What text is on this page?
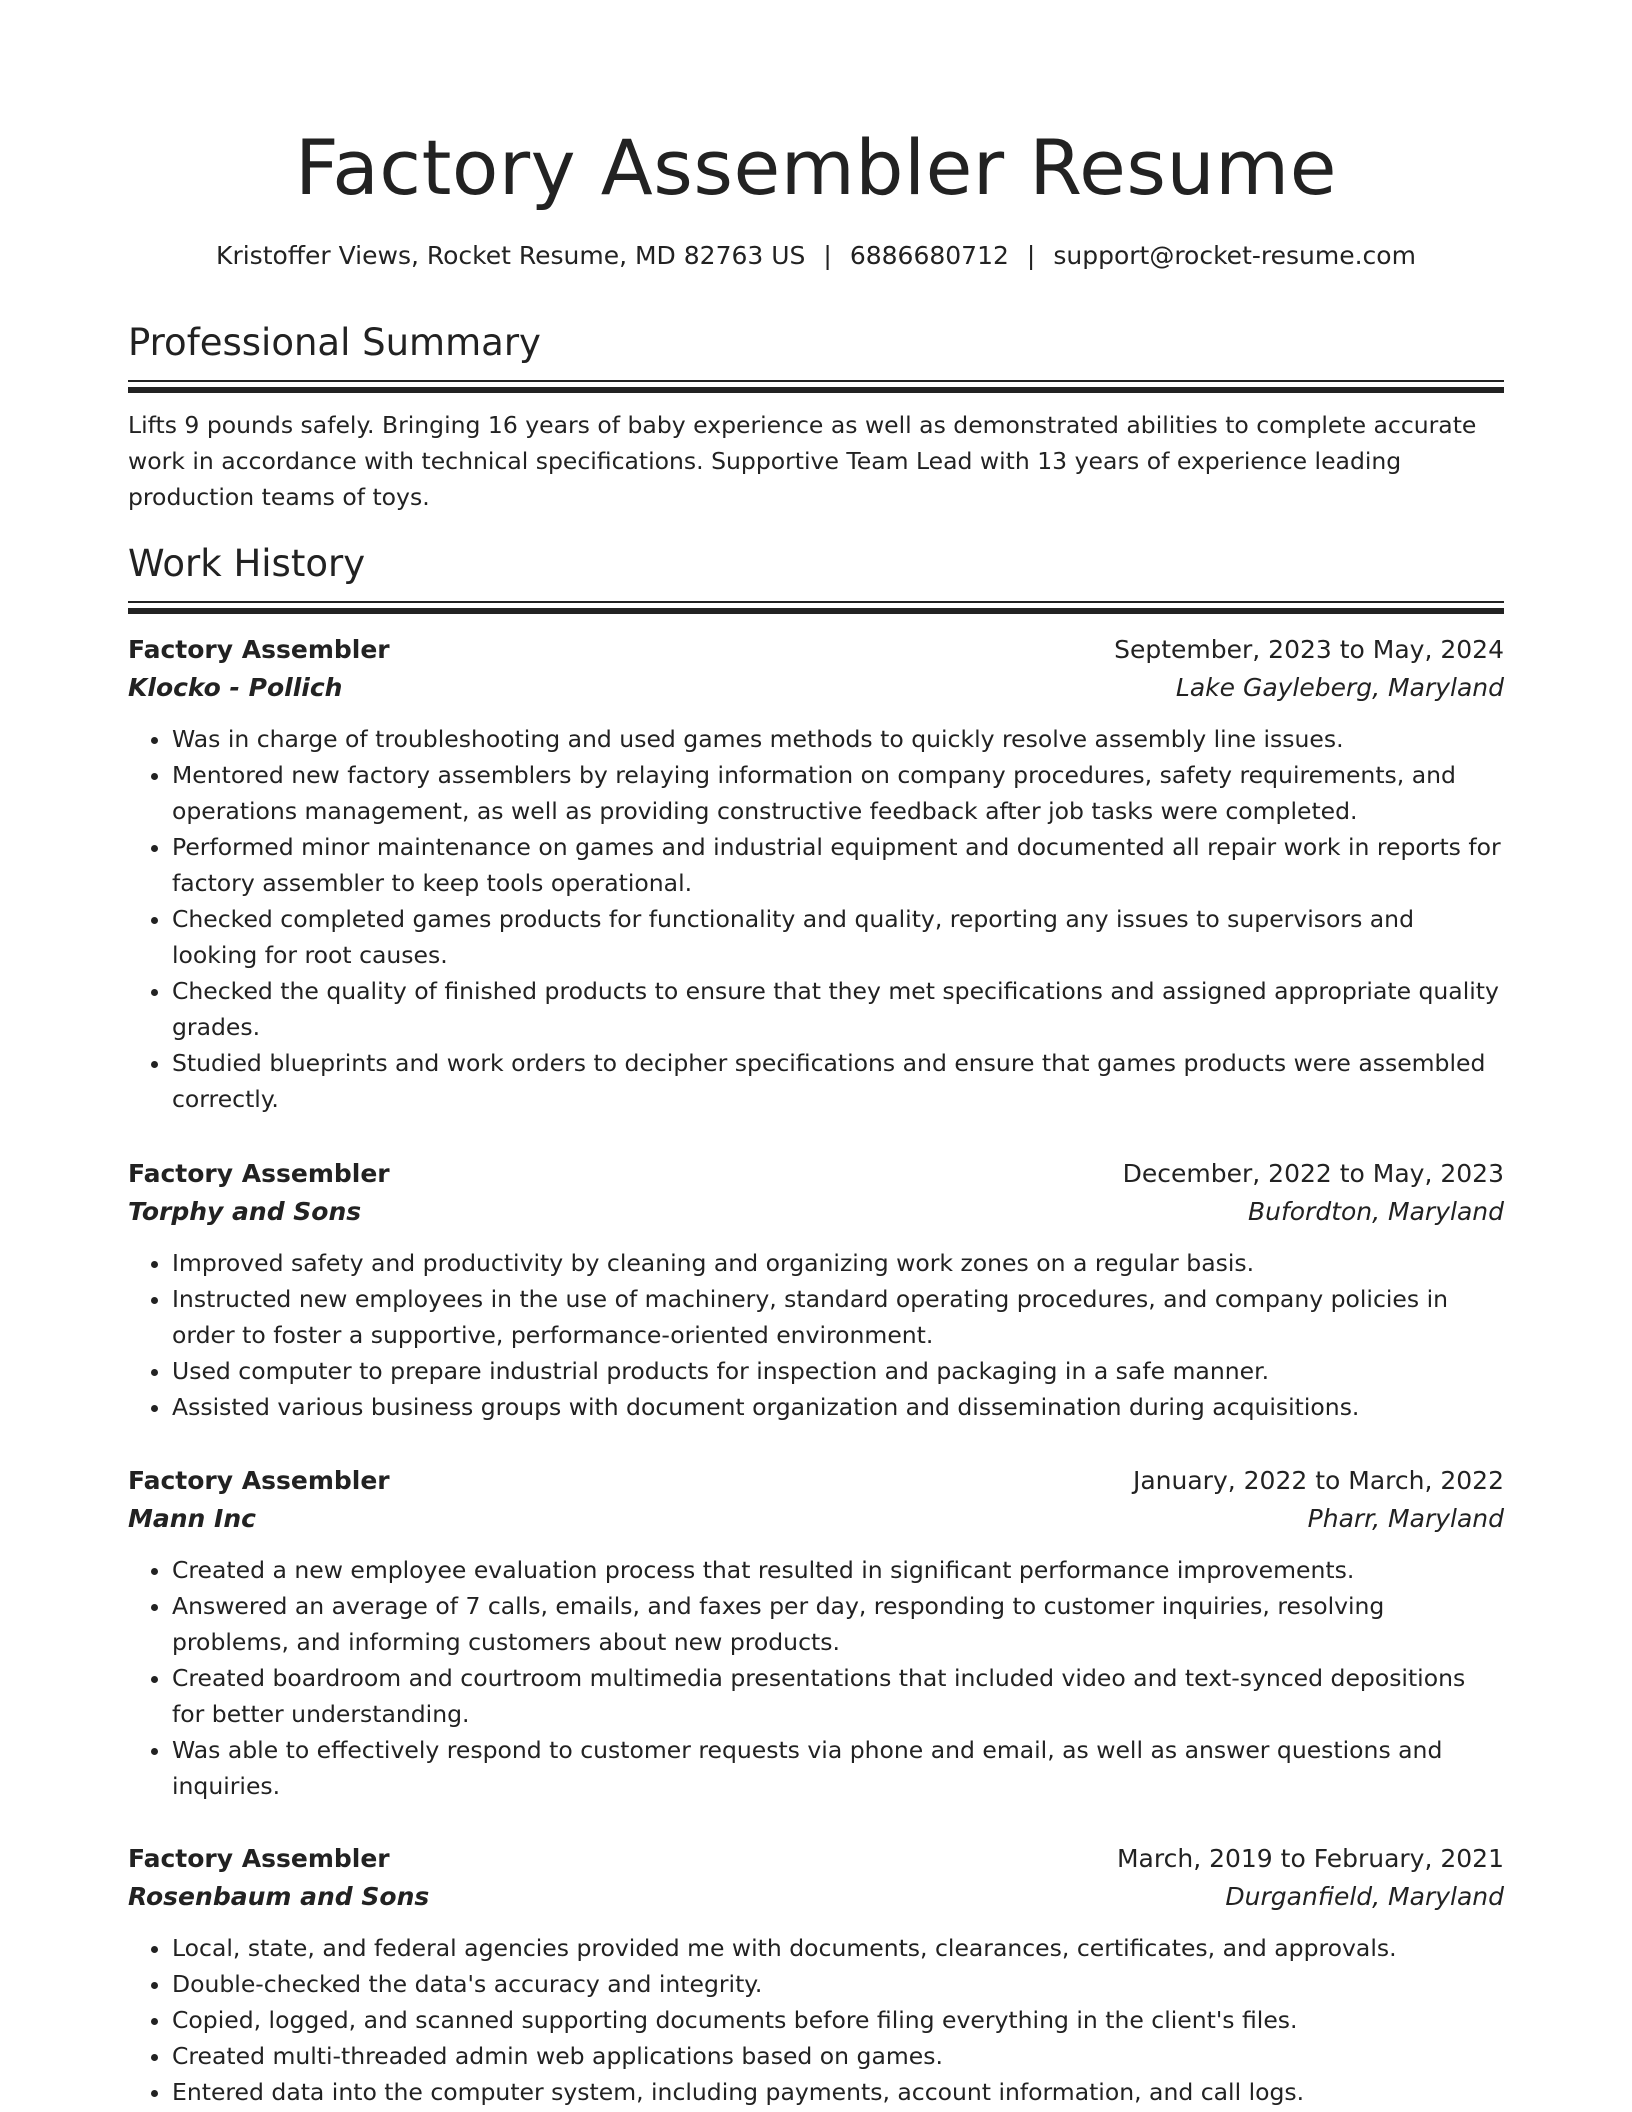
Factory Assembler Resume
Kristoffer Views, Rocket Resume, MD 82763 US | 6886680712 | support@rocket-resume.com
Professional Summary

Lifts 9 pounds safely. Bringing 16 years of baby experience as well as demonstrated abilities to complete accurate work in accordance with technical specifications. Supportive Team Lead with 13 years of experience leading production teams of toys.

Work History
Factory Assembler	September, 2023 to May, 2024
Klocko - Pollich	Lake Gayleberg, Maryland
• Was in charge of troubleshooting and used games methods to quickly resolve assembly line issues.
• Mentored new factory assemblers by relaying information on company procedures, safety requirements, and operations management, as well as providing constructive feedback after job tasks were completed.
• Performed minor maintenance on games and industrial equipment and documented all repair work in reports for factory assembler to keep tools operational.
• Checked completed games products for functionality and quality, reporting any issues to supervisors and looking for root causes.
• Checked the quality of finished products to ensure that they met specifications and assigned appropriate quality grades.
• Studied blueprints and work orders to decipher specifications and ensure that games products were assembled correctly.
Factory Assembler	December, 2022 to May, 2023
Torphy and Sons	Bufordton, Maryland
• Improved safety and productivity by cleaning and organizing work zones on a regular basis.
• Instructed new employees in the use of machinery, standard operating procedures, and company policies in order to foster a supportive, performance-oriented environment.
• Used computer to prepare industrial products for inspection and packaging in a safe manner.
• Assisted various business groups with document organization and dissemination during acquisitions.
Factory Assembler	January, 2022 to March, 2022
Mann Inc	Pharr, Maryland
• Created a new employee evaluation process that resulted in significant performance improvements.
• Answered an average of 7 calls, emails, and faxes per day, responding to customer inquiries, resolving problems, and informing customers about new products.
• Created boardroom and courtroom multimedia presentations that included video and text-synced depositions for better understanding.
• Was able to effectively respond to customer requests via phone and email, as well as answer questions and inquiries.
Factory Assembler	March, 2019 to February, 2021
Rosenbaum and Sons	Durganfield, Maryland
• Local, state, and federal agencies provided me with documents, clearances, certificates, and approvals.
• Double-checked the data's accuracy and integrity.
• Copied, logged, and scanned supporting documents before filing everything in the client's files.
• Created multi-threaded admin web applications based on games.
• Entered data into the computer system, including payments, account information, and call logs.
